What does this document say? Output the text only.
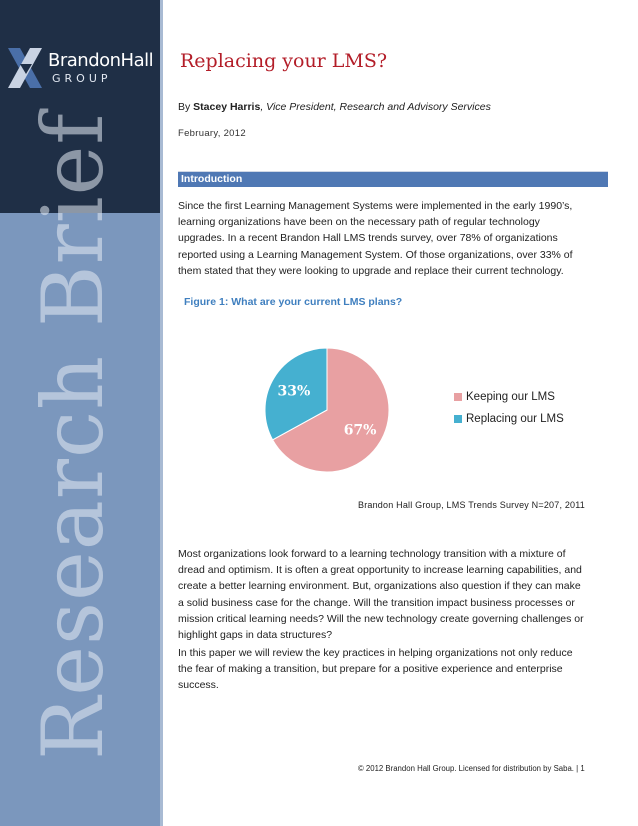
BrandonHall
GROUP
Research Brief
Replacing your LMS?
By Stacey Harris, Vice President, Research and Advisory Services
February, 2012
Introduction
Since the first Learning Management Systems were implemented in the early 1990’s, learning organizations have been on the necessary path of regular technology upgrades. In a recent Brandon Hall LMS trends survey, over 78% of organizations reported using a Learning Management System. Of those organizations, over 33% of them stated that they were looking to upgrade and replace their current technology.
Figure 1: What are your current LMS plans?
67%
33%	Keeping our LMS
Replacing our LMS
Brandon Hall Group, LMS Trends Survey N=207, 2011
Most organizations look forward to a learning technology transition with a mixture of dread and optimism. It is often a great opportunity to increase learning capabilities, and create a better learning environment. But, organizations also question if they can make a solid business case for the change. Will the transition impact business processes or mission critical learning needs? Will the new technology create governing challenges or highlight gaps in data structures?
In this paper we will review the key practices in helping organizations not only reduce the fear of making a transition, but prepare for a positive experience and enterprise success.
© 2012 Brandon Hall Group. Licensed for distribution by Saba. | 1
